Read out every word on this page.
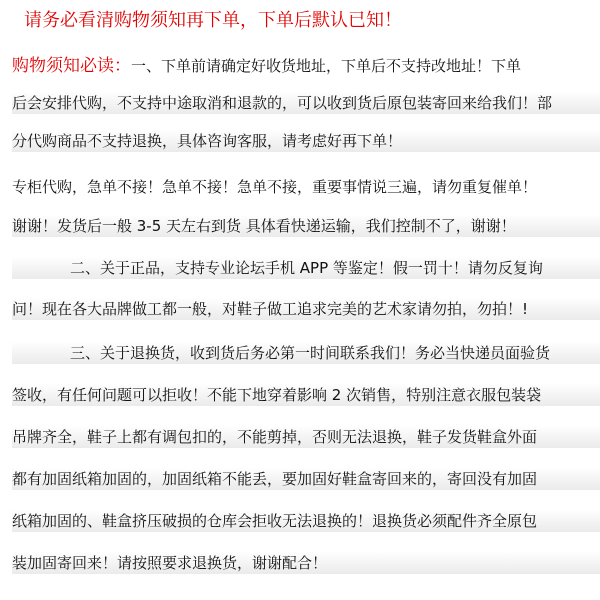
请务必看清购物须知再下单，下单后默认已知！
购物须知必读：一、下单前请确定好收货地址，下单后不支持改地址！下单
后会安排代购，不支持中途取消和退款的，可以收到货后原包装寄回来给我们！部
分代购商品不支持退换，具体咨询客服，请考虑好再下单！
专柜代购，急单不接！急单不接！急单不接，重要事情说三遍，请勿重复催单！
谢谢！发货后一般 3-5 天左右到货 具体看快递运输，我们控制不了，谢谢！
二、关于正品，支持专业论坛手机 APP 等鉴定！假一罚十！请勿反复询
问！现在各大品牌做工都一般，对鞋子做工追求完美的艺术家请勿拍，勿拍！!
三、关于退换货，收到货后务必第一时间联系我们！务必当快递员面验货
签收，有任何问题可以拒收！不能下地穿着影响 2 次销售，特别注意衣服包装袋
吊牌齐全，鞋子上都有调包扣的，不能剪掉，否则无法退换，鞋子发货鞋盒外面
都有加固纸箱加固的，加固纸箱不能丢，要加固好鞋盒寄回来的，寄回没有加固
纸箱加固的、鞋盒挤压破损的仓库会拒收无法退换的！退换货必须配件齐全原包
装加固寄回来！请按照要求退换货，谢谢配合！
